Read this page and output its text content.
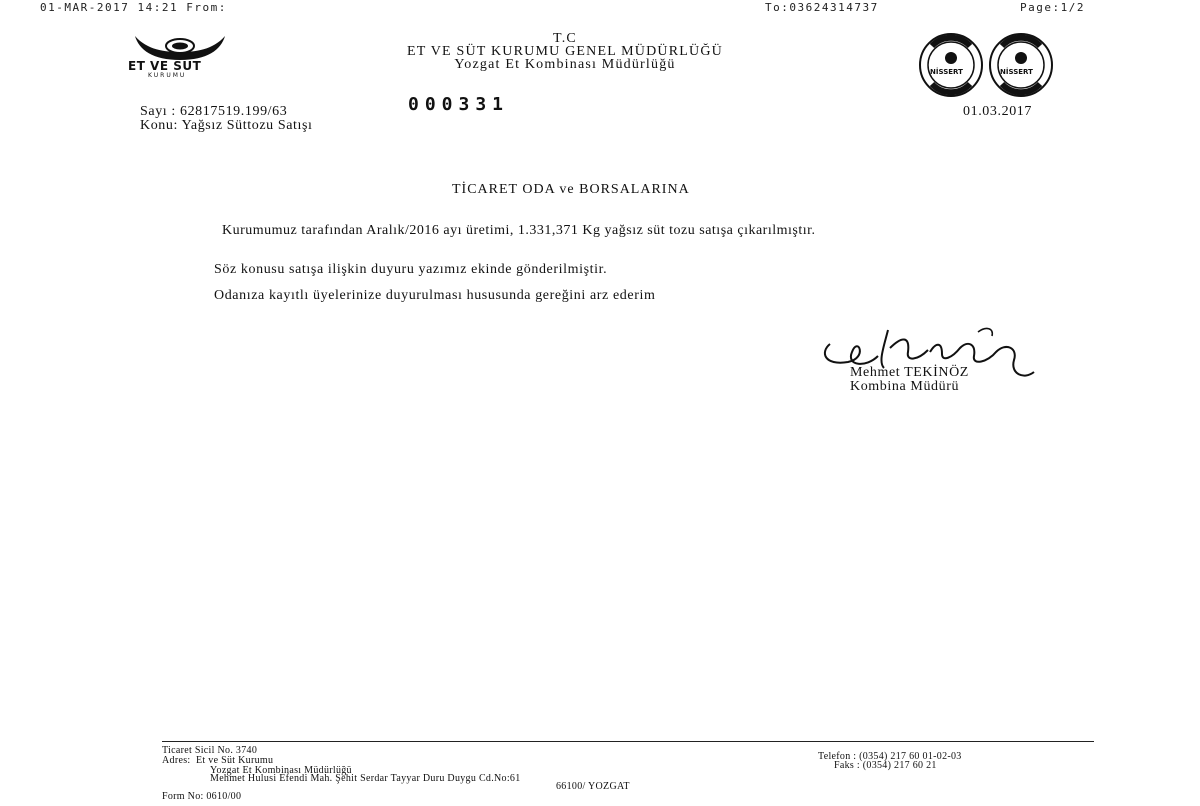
01-MAR-2017 14:21 From:	To:03624314737	Page:1/2
ET VE SÜT
KURUMU
T.C
ET VE SÜT KURUMU GENEL MÜDÜRLÜĞÜ
Yozgat Et Kombinası Müdürlüğü	NİSSERT	NİSSERT
Sayı : 62817519.199/63	000331
Konu: Yağsız Süttozu Satışı
01.03.2017
TİCARET ODA ve BORSALARINA
Kurumumuz tarafından Aralık/2016 ayı üretimi, 1.331,371 Kg yağsız süt tozu satışa çıkarılmıştır.
Söz konusu satışa ilişkin duyuru yazımız ekinde gönderilmiştir.
Odanıza kayıtlı üyelerinize duyurulması hususunda gereğini arz ederim
Mehmet TEKİNÖZ
Kombina Müdürü
Ticaret Sicil No. 3740
Adres: Et ve Süt Kurumu
Yozgat Et Kombinası Müdürlüğü
Mehmet Hulusi Efendi Mah. Şehit Serdar Tayyar Duru Duygu Cd.No:61
66100/ YOZGAT
Form No: 0610/00
Telefon : (0354) 217 60 01-02-03
Faks : (0354) 217 60 21
